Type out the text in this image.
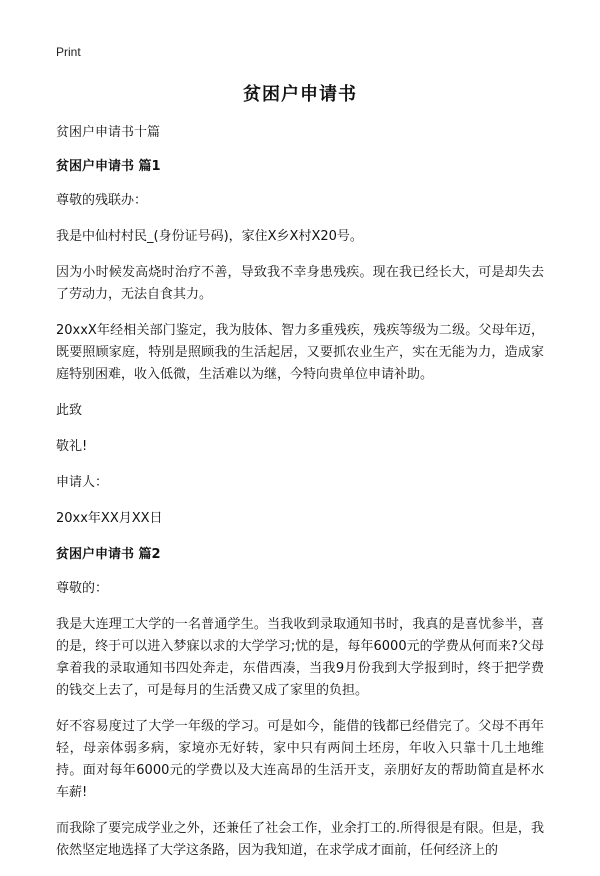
Print
贫困户申请书

贫困户申请书十篇

贫困户申请书 篇1

尊敬的残联办：

我是中仙村村民_(身份证号码)，家住X乡X村X20号。

因为小时候发高烧时治疗不善，导致我不幸身患残疾。现在我已经长大，可是却失去了劳动力，无法自食其力。

20xxX年经相关部门鉴定，我为肢体、智力多重残疾，残疾等级为二级。父母年迈，既要照顾家庭，特别是照顾我的生活起居，又要抓农业生产，实在无能为力，造成家庭特别困难，收入低微，生活难以为继，今特向贵单位申请补助。

此致

敬礼!

申请人：

20xx年XX月XX日

贫困户申请书 篇2

尊敬的：

我是大连理工大学的一名普通学生。当我收到录取通知书时，我真的是喜忧参半，喜的是，终于可以进入梦寐以求的大学学习;忧的是，每年6000元的学费从何而来?父母拿着我的录取通知书四处奔走，东借西凑，当我9月份我到大学报到时，终于把学费的钱交上去了，可是每月的生活费又成了家里的负担。

好不容易度过了大学一年级的学习。可是如今，能借的钱都已经借完了。父母不再年轻，母亲体弱多病，家境亦无好转，家中只有两间土坯房，年收入只靠十几土地维持。面对每年6000元的学费以及大连高昂的生活开支，亲朋好友的帮助简直是杯水车薪!

而我除了要完成学业之外，还兼任了社会工作，业余打工的.所得很是有限。但是，我依然坚定地选择了大学这条路，因为我知道，在求学成才面前，任何经济上的
